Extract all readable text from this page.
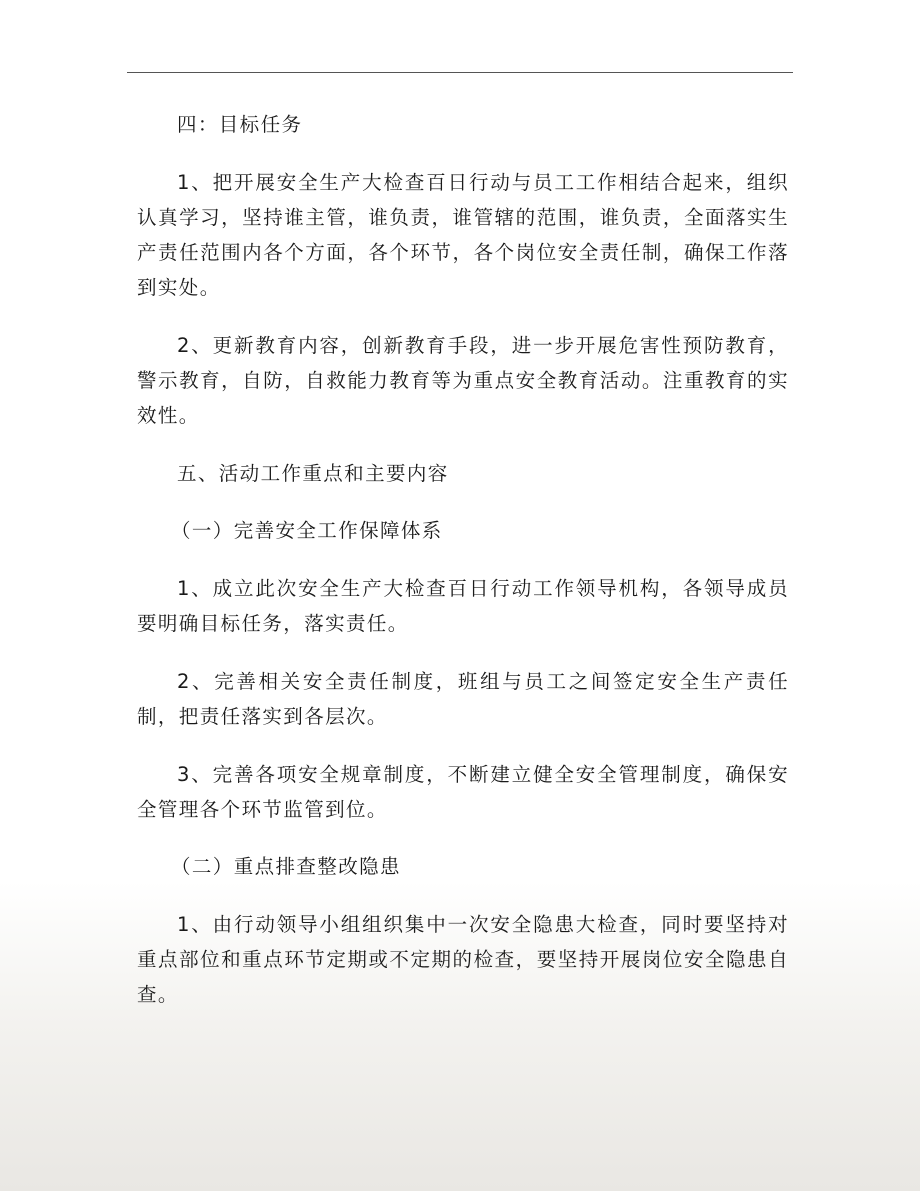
四：目标任务

1、把开展安全生产大检查百日行动与员工工作相结合起来，组织认真学习，坚持谁主管，谁负责，谁管辖的范围，谁负责，全面落实生产责任范围内各个方面，各个环节，各个岗位安全责任制，确保工作落到实处。

2、更新教育内容，创新教育手段，进一步开展危害性预防教育，警示教育，自防，自救能力教育等为重点安全教育活动。注重教育的实效性。

五、活动工作重点和主要内容

（一）完善安全工作保障体系

1、成立此次安全生产大检查百日行动工作领导机构，各领导成员要明确目标任务，落实责任。

2、完善相关安全责任制度，班组与员工之间签定安全生产责任制，把责任落实到各层次。

3、完善各项安全规章制度，不断建立健全安全管理制度，确保安全管理各个环节监管到位。

（二）重点排查整改隐患

1、由行动领导小组组织集中一次安全隐患大检查，同时要坚持对重点部位和重点环节定期或不定期的检查，要坚持开展岗位安全隐患自查。
